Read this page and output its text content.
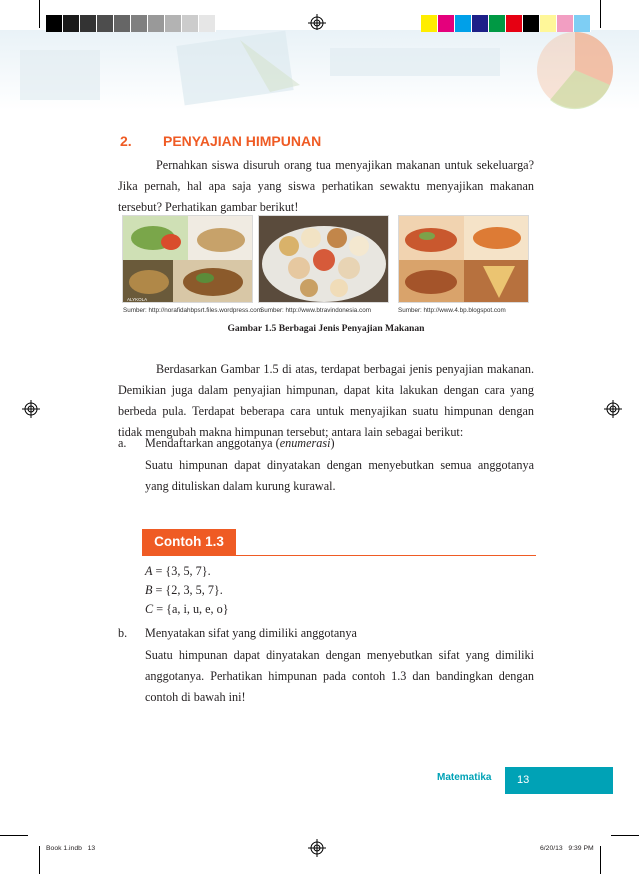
2. PENYAJIAN HIMPUNAN

Pernahkan siswa disuruh orang tua menyajikan makanan untuk sekeluarga? Jika pernah, hal apa saja yang siswa perhatikan sewaktu menyajikan makanan tersebut? Perhatikan gambar berikut!

ALYKOLA
Sumber: http://norafidahbpsrt.files.wordpress.com
Sumber: http://www.btravindonesia.com	Sumber: http://www.4.bp.blogspot.com
Gambar 1.5 Berbagai Jenis Penyajian Makanan

Berdasarkan Gambar 1.5 di atas, terdapat berbagai jenis penyajian makanan. Demikian juga dalam penyajian himpunan, dapat kita lakukan dengan cara yang berbeda pula. Terdapat beberapa cara untuk menyajikan suatu himpunan dengan tidak mengubah makna himpunan tersebut; antara lain sebagai berikut:

a. Mendaftarkan anggotanya (enumerasi)

Suatu himpunan dapat dinyatakan dengan menyebutkan semua anggotanya yang dituliskan dalam kurung kurawal.

Contoh 1.3
A = {3, 5, 7}.
B = {2, 3, 5, 7}.
C = {a, i, u, e, o}
b. Menyatakan sifat yang dimiliki anggotanya

Suatu himpunan dapat dinyatakan dengan menyebutkan sifat yang dimiliki anggotanya. Perhatikan himpunan pada contoh 1.3 dan bandingkan dengan contoh di bawah ini!

Matematika	13
Book 1.indb   13	6/20/13   9:39 PM
